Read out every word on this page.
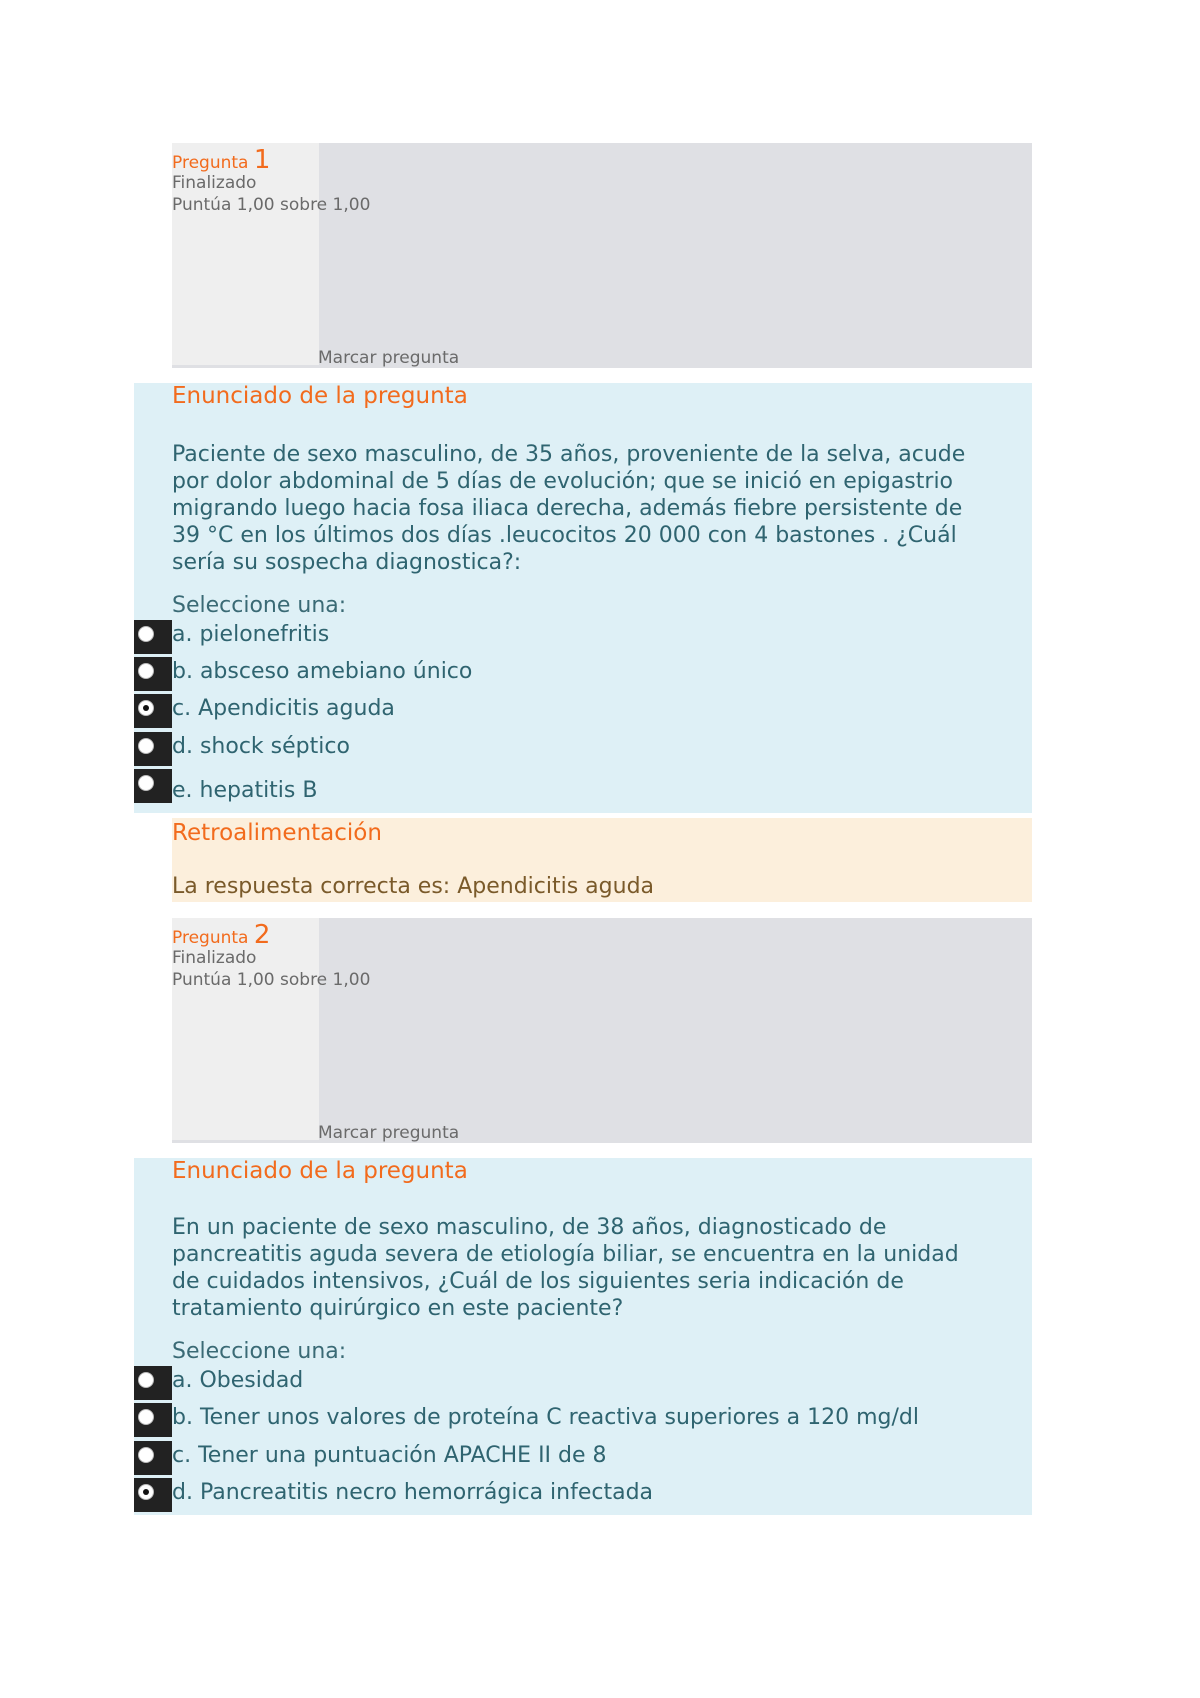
Pregunta 1
Finalizado
Puntúa 1,00 sobre 1,00
Marcar pregunta
Enunciado de la pregunta
Paciente de sexo masculino, de 35 años, proveniente de la selva, acude
por dolor abdominal de 5 días de evolución; que se inició en epigastrio
migrando luego hacia fosa iliaca derecha, además fiebre persistente de
39 °C en los últimos dos días .leucocitos 20 000 con 4 bastones . ¿Cuál
sería su sospecha diagnostica?:
Seleccione una:
a. pielonefritis
b. absceso amebiano único
c. Apendicitis aguda
d. shock séptico
e. hepatitis B
Retroalimentación
La respuesta correcta es: Apendicitis aguda
Pregunta 2
Finalizado
Puntúa 1,00 sobre 1,00
Marcar pregunta
Enunciado de la pregunta
En un paciente de sexo masculino, de 38 años, diagnosticado de
pancreatitis aguda severa de etiología biliar, se encuentra en la unidad
de cuidados intensivos, ¿Cuál de los siguientes seria indicación de
tratamiento quirúrgico en este paciente?
Seleccione una:
a. Obesidad
b. Tener unos valores de proteína C reactiva superiores a 120 mg/dl
c. Tener una puntuación APACHE II de 8
d. Pancreatitis necro hemorrágica infectada
